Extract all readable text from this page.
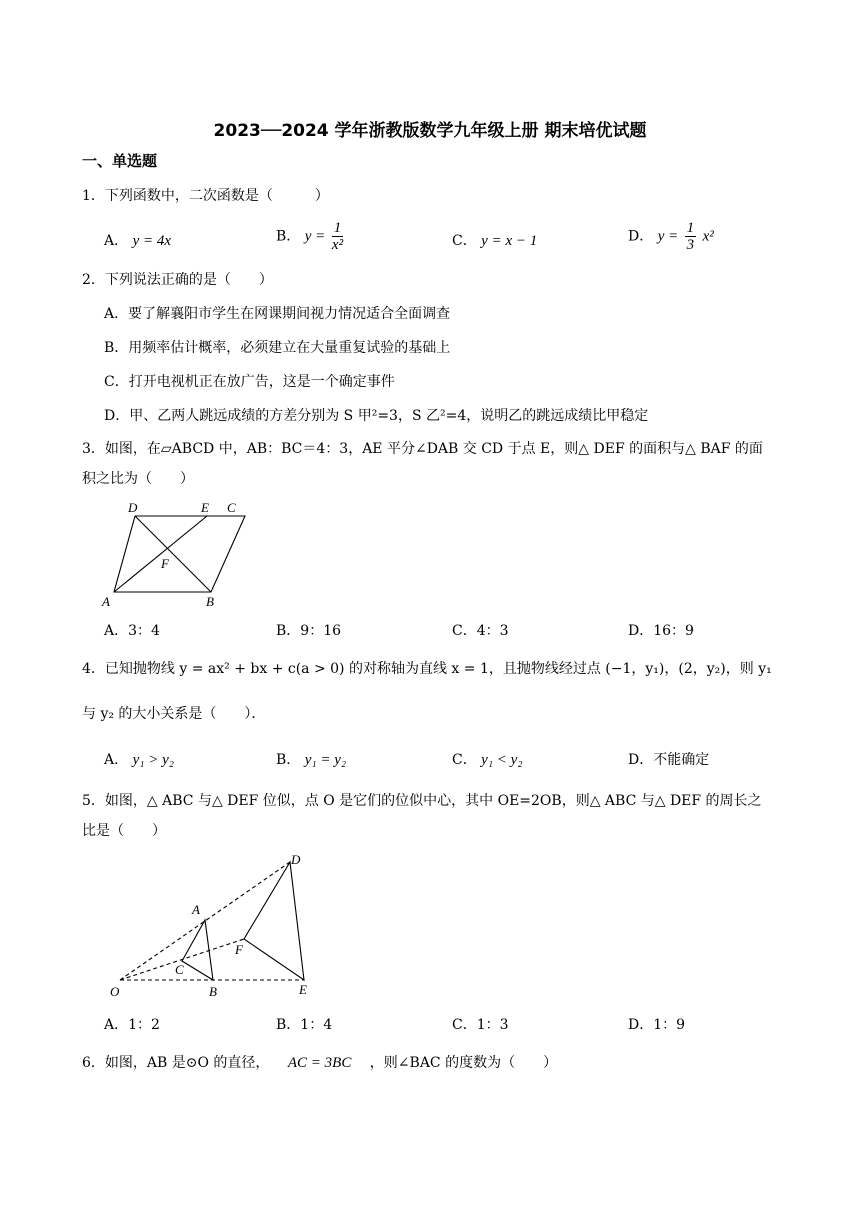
2023──2024 学年浙教版数学九年级上册 期末培优试题
一、单选题
1．下列函数中，二次函数是（　　　）
A． y = 4x	B． $y = \frac{1}{\text{x²}}$	C． y = x − 1	D． $y = \frac{1}{3} x^2$
2．下列说法正确的是（　　）
A．要了解襄阳市学生在网课期间视力情况适合全面调查
B．用频率估计概率，必须建立在大量重复试验的基础上
C．打开电视机正在放广告，这是一个确定事件
D．甲、乙两人跳远成绩的方差分别为 S 甲²=3，S 乙²=4，说明乙的跳远成绩比甲稳定
3．如图，在▱ABCD 中，AB：BC＝4：3，AE 平分∠DAB 交 CD 于点 E，则△ DEF 的面积与△ BAF 的面
积之比为（　　）
D	E C
F
A	B
A．3：4	B．9：16	C．4：3	D．16：9
4．已知抛物线 y = ax² + bx + c(a > 0) 的对称轴为直线 x = 1，且抛物线经过点 (−1，y₁)，(2，y₂)，则 y₁
与 y₂ 的大小关系是（　　）．
A． y₁ > y₂	B． y₁ = y₂	C． y₁ < y₂	D．不能确定
5．如图，△ ABC 与△ DEF 位似，点 O 是它们的位似中心，其中 OE=2OB，则△ ABC 与△ DEF 的周长之
比是（　　）
O
A
B
C
D
E
F
A．1：2	B．1：4	C．1：3	D．1：9
6．如图，AB 是⊙O 的直径， AC = 3BC ，则∠BAC 的度数为（　　）
